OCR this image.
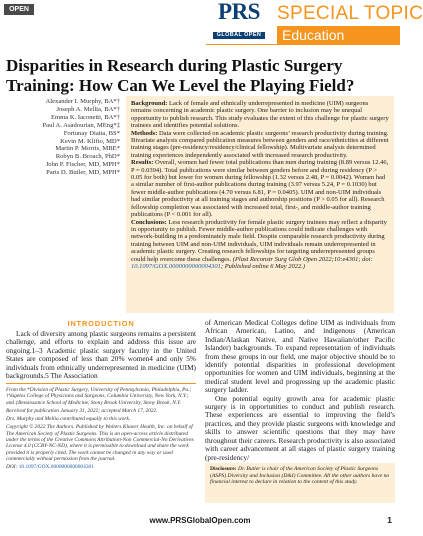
OPEN	PRS
GLOBAL OPEN
SPECIAL TOPIC
Education
Disparities in Research during Plastic Surgery Training: How Can We Level the Playing Field?
Alexander I. Murphy, BA*†
Joseph A. Mellia, BA*†
Emma K. Iaconetti, BA*†
Paul A. Asadourian, MEng*‡
Fortunay Diatta, BS*
Kevin M. Klifto, MD*
Martin P. Morris, MBE*
Robyn B. Broach, PhD*
John P. Fischer, MD, MPH*
Paris D. Butler, MD, MPH*

Background: Lack of female and ethnically underrepresented in medicine (UIM) surgeons remains concerning in academic plastic surgery. One barrier to inclusion may be unequal opportunity to publish research. This study evaluates the extent of this challenge for plastic surgery trainees and identifies potential solutions.

Methods: Data were collected on academic plastic surgeons’ research productivity during training. Bivariate analysis compared publication measures between genders and race/ethnicities at different training stages (pre-residency/residency/clinical fellowship). Multivariate analysis determined training experiences independently associated with increased research productivity.

Results: Overall, women had fewer total publications than men during training (8.89 versus 12.46, P = 0.0394). Total publications were similar between genders before and during residency (P > 0.05 for both) but lower for women during fellowship (1.32 versus 2.48, P = 0.0042). Women had a similar number of first-author publications during training (3.97 versus 5.24, P = 0.1030) but fewer middle-author publications (4.70 versus 6.81, P = 0.0405). UIM and non-UIM individuals had similar productivity at all training stages and authorship positions (P > 0.05 for all). Research fellowship completion was associated with increased total, first-, and middle-author training publications (P < 0.001 for all).

Conclusions: Less research productivity for female plastic surgery trainees may reflect a disparity in opportunity to publish. Fewer middle-author publications could indicate challenges with network-building in a predominately male field. Despite comparable research productivity during training between UIM and non-UIM individuals, UIM individuals remain underrepresented in academic plastic surgery. Creating research fellowships for targeting underrepresented groups could help overcome these challenges. (Plast Reconstr Surg Glob Open 2022;10:e4301; doi: 10.1097/GOX.0000000000004301; Published online 6 May 2022.)

INTRODUCTION

Lack of diversity among plastic surgeons remains a persistent challenge, and efforts to explain and address this issue are ongoing.1–3 Academic plastic surgery faculty in the United States are composed of less than 20% women4 and only 5% individuals from ethnically underrepresented in medicine (UIM) backgrounds.5 The Association

From the *Division of Plastic Surgery, University of Pennsylvania, Philadelphia, Pa.; †Vagelos College of Physicians and Surgeons, Columbia University, New York, N.Y.; and ‡Renaissance School of Medicine, Stony Brook University, Stony Brook, N.Y.

Received for publication January 31, 2022; accepted March 17, 2022.

Drs. Murphy and Mellia contributed equally to this work.

Copyright © 2022 The Authors. Published by Wolters Kluwer Health, Inc. on behalf of The American Society of Plastic Surgeons. This is an open-access article distributed under the terms of the Creative Commons Attribution-Non Commercial-No Derivatives License 4.0 (CCBY-NC-ND), where it is permissible to download and share the work provided it is properly cited. The work cannot be changed in any way or used commercially without permission from the journal.

DOI: 10.1097/GOX.0000000000004301

of American Medical Colleges define UIM as individuals from African American, Latino, and indigenous (American Indian/Alaskan Native, and Native Hawaiian/other Pacific Islander) backgrounds. To expand representation of individuals from these groups in our field, one major objective should be to identify potential disparities in professional development opportunities for women and UIM individuals, beginning at the medical student level and progressing up the academic plastic surgery ladder.

One potential equity growth area for academic plastic surgery is in opportunities to conduct and publish research. These experiences are essential to improving the field’s practices, and they provide plastic surgeons with knowledge and skills to answer scientific questions that they may have throughout their careers. Research productivity is also associated with career advancement at all stages of plastic surgery training (pre-residency/

Disclosure: Dr. Butler is chair of the American Society of Plastic Surgeons (ASPS) Diversity and Inclusion (D&I) Committee. All the other authors have no financial interest to declare in relation to the content of this study.
www.PRSGlobalOpen.com	1
